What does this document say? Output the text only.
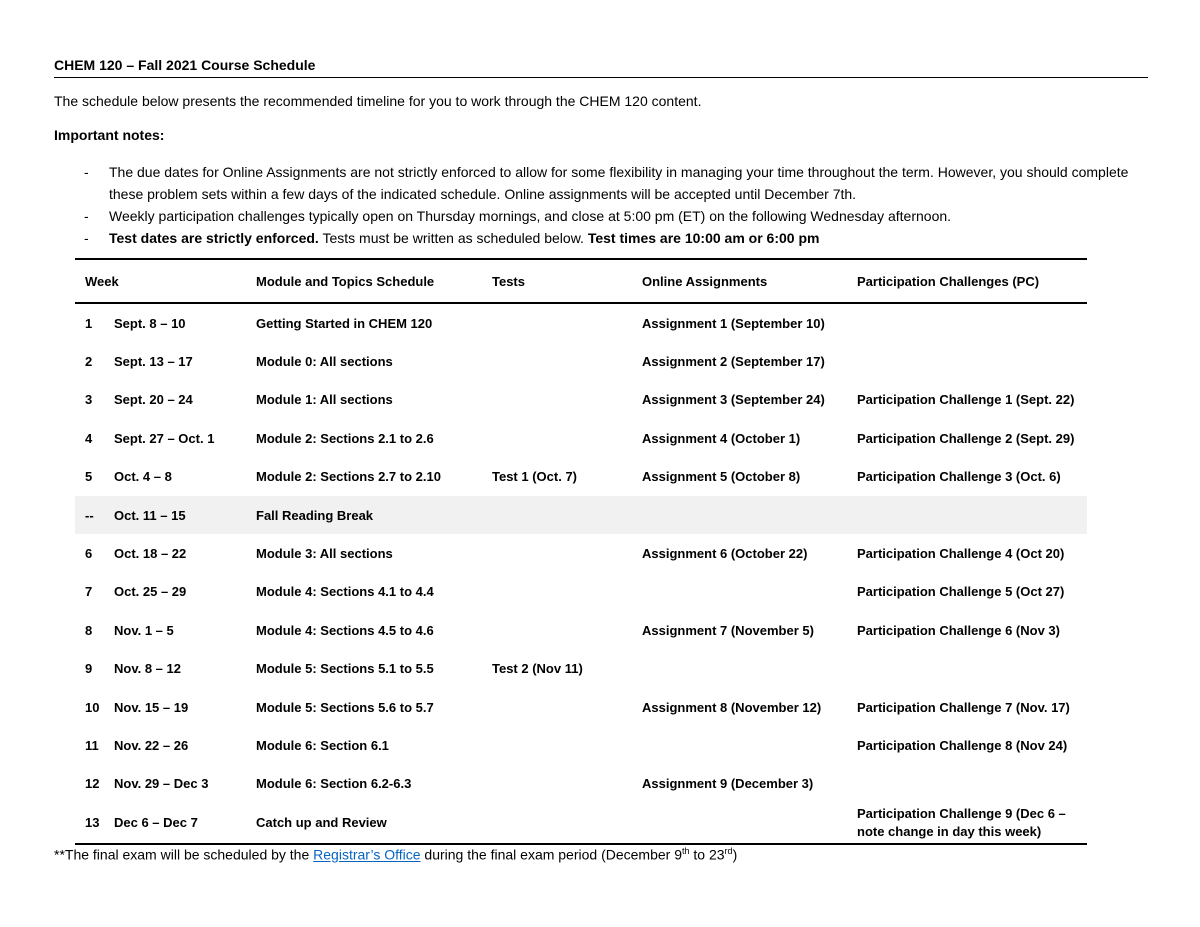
CHEM 120 – Fall 2021 Course Schedule
The schedule below presents the recommended timeline for you to work through the CHEM 120 content.
Important notes:
- The due dates for Online Assignments are not strictly enforced to allow for some flexibility in managing your time throughout the term. However, you should complete these problem sets within a few days of the indicated schedule. Online assignments will be accepted until December 7th.
- Weekly participation challenges typically open on Thursday mornings, and close at 5:00 pm (ET) on the following Wednesday afternoon.
- Test dates are strictly enforced. Tests must be written as scheduled below. Test times are 10:00 am or 6:00 pm
Week		Module and Topics Schedule	Tests	Online Assignments	Participation Challenges (PC)
1	Sept. 8 – 10	Getting Started in CHEM 120		Assignment 1 (September 10)	
2	Sept. 13 – 17	Module 0: All sections		Assignment 2 (September 17)	
3	Sept. 20 – 24	Module 1: All sections		Assignment 3 (September 24)	Participation Challenge 1 (Sept. 22)
4	Sept. 27 – Oct. 1	Module 2: Sections 2.1 to 2.6		Assignment 4 (October 1)	Participation Challenge 2 (Sept. 29)
5	Oct. 4 – 8	Module 2: Sections 2.7 to 2.10	Test 1 (Oct. 7)	Assignment 5 (October 8)	Participation Challenge 3 (Oct. 6)
--	Oct. 11 – 15	Fall Reading Break			
6	Oct. 18 – 22	Module 3: All sections		Assignment 6 (October 22)	Participation Challenge 4 (Oct 20)
7	Oct. 25 – 29	Module 4: Sections 4.1 to 4.4			Participation Challenge 5 (Oct 27)
8	Nov. 1 – 5	Module 4: Sections 4.5 to 4.6		Assignment 7 (November 5)	Participation Challenge 6 (Nov 3)
9	Nov. 8 – 12	Module 5: Sections 5.1 to 5.5	Test 2 (Nov 11)		
10	Nov. 15 – 19	Module 5: Sections 5.6 to 5.7		Assignment 8 (November 12)	Participation Challenge 7 (Nov. 17)
11	Nov. 22 – 26	Module 6: Section 6.1			Participation Challenge 8 (Nov 24)
12	Nov. 29 – Dec 3	Module 6: Section 6.2-6.3		Assignment 9 (December 3)	
13	Dec 6 – Dec 7	Catch up and Review			Participation Challenge 9 (Dec 6 –
note change in day this week)
**The final exam will be scheduled by the Registrar’s Office during the final exam period (December 9th to 23rd)
